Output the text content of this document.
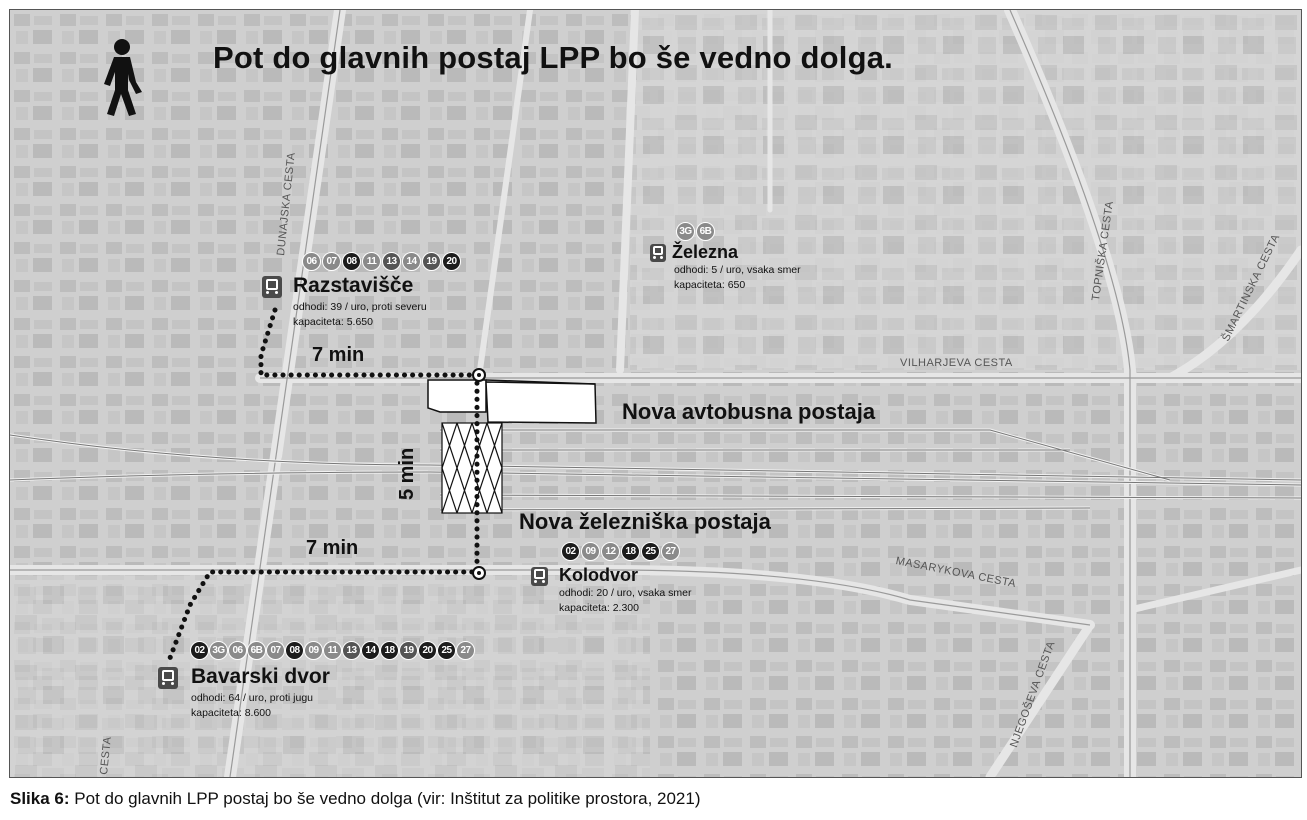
Pot do glavnih postaj LPP bo še vedno dolga.
DUNAJSKA CESTA
CESTA
VILHARJEVA CESTA
TOPNIŠKA CESTA	ŠMARTINSKA CESTA
MASARYKOVA CESTA
NJEGOŠEVA CESTA
06 07 08	11	13 14 19 20
Razstavišče
odhodi: 39 / uro, proti severu
kapaciteta: 5.650
3G 6B
Železna
odhodi: 5 / uro, vsaka smer
kapaciteta: 650
02 09 12 18 25 27
Kolodvor
odhodi: 20 / uro, vsaka smer
kapaciteta: 2.300
02 3G 06 6B 07 08 09 11 13 14 18 19 20 25 27
Bavarski dvor
odhodi: 64 / uro, proti jugu
kapaciteta: 8.600
Nova avtobusna postaja
Nova železniška postaja
7 min
7 min
5 min
Slika 6: Pot do glavnih LPP postaj bo še vedno dolga (vir: Inštitut za politike prostora, 2021)
